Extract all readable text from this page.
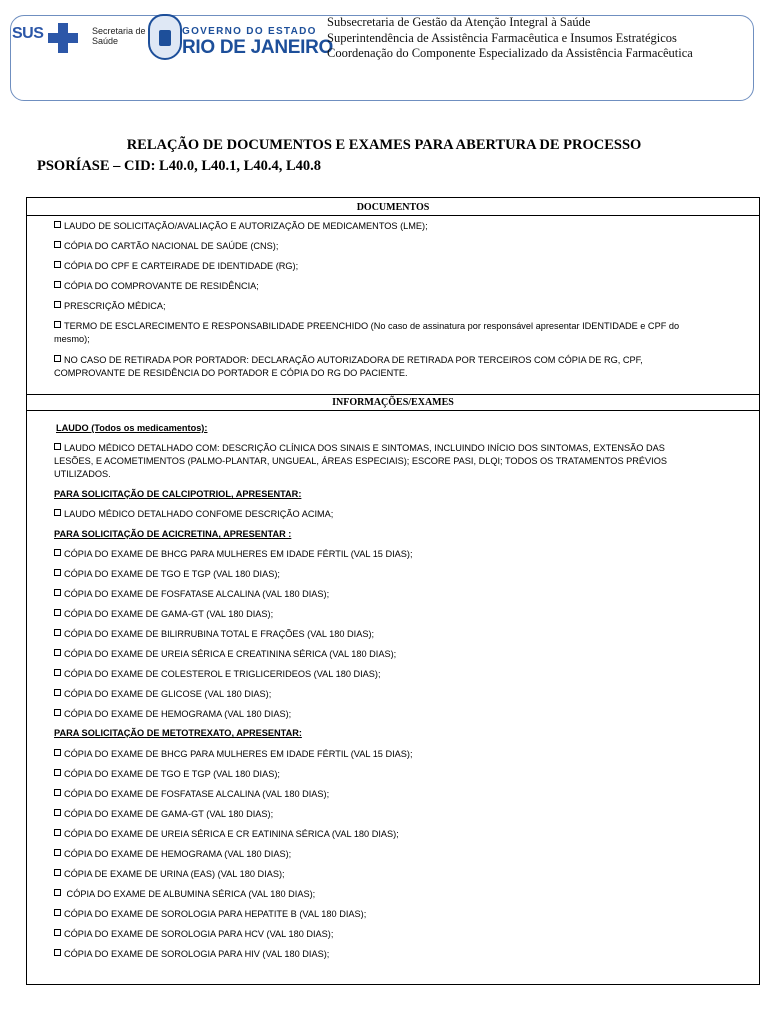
SUS	Secretaria de
Saúde
GOVERNO DO ESTADO
RIO DE JANEIRO
Subsecretaria de Gestão da Atenção Integral à Saúde
Superintendência de Assistência Farmacêutica e Insumos Estratégicos
Coordenação do Componente Especializado da Assistência Farmacêutica
RELAÇÃO DE DOCUMENTOS E EXAMES PARA ABERTURA DE PROCESSO
PSORÍASE – CID: L40.0, L40.1, L40.4, L40.8
DOCUMENTOS
LAUDO DE SOLICITAÇÃO/AVALIAÇÃO E AUTORIZAÇÃO DE MEDICAMENTOS (LME);
CÓPIA DO CARTÃO NACIONAL DE SAÚDE (CNS);
CÓPIA DO CPF E CARTEIRADE DE IDENTIDADE (RG);
CÓPIA DO COMPROVANTE DE RESIDÊNCIA;
PRESCRIÇÃO MÉDICA;
TERMO DE ESCLARECIMENTO E RESPONSABILIDADE PREENCHIDO (No caso de assinatura por responsável apresentar IDENTIDADE e CPF do mesmo);
NO CASO DE RETIRADA POR PORTADOR: DECLARAÇÃO AUTORIZADORA DE RETIRADA POR TERCEIROS COM CÓPIA DE RG, CPF, COMPROVANTE DE RESIDÊNCIA DO PORTADOR E CÓPIA DO RG DO PACIENTE.
INFORMAÇÕES/EXAMES
LAUDO (Todos os medicamentos):
LAUDO MÉDICO DETALHADO COM: DESCRIÇÃO CLÍNICA DOS SINAIS E SINTOMAS, INCLUINDO INÍCIO DOS SINTOMAS, EXTENSÃO DAS LESÕES, E ACOMETIMENTOS (PALMO-PLANTAR, UNGUEAL, ÁREAS ESPECIAIS); ESCORE PASI, DLQI; TODOS OS TRATAMENTOS PRÉVIOS UTILIZADOS.
PARA SOLICITAÇÃO DE CALCIPOTRIOL, APRESENTAR:
LAUDO MÉDICO DETALHADO CONFOME DESCRIÇÃO ACIMA;
PARA SOLICITAÇÃO DE ACICRETINA, APRESENTAR :
CÓPIA DO EXAME DE BHCG PARA MULHERES EM IDADE FÉRTIL (VAL 15 DIAS);
CÓPIA DO EXAME DE TGO E TGP (VAL 180 DIAS);
CÓPIA DO EXAME DE FOSFATASE ALCALINA (VAL 180 DIAS);
CÓPIA DO EXAME DE GAMA-GT (VAL 180 DIAS);
CÓPIA DO EXAME DE BILIRRUBINA TOTAL E FRAÇÕES (VAL 180 DIAS);
CÓPIA DO EXAME DE UREIA SÉRICA E CREATININA SÉRICA (VAL 180 DIAS);
CÓPIA DO EXAME DE COLESTEROL E TRIGLICERIDEOS (VAL 180 DIAS);
CÓPIA DO EXAME DE GLICOSE (VAL 180 DIAS);
CÓPIA DO EXAME DE HEMOGRAMA (VAL 180 DIAS);
PARA SOLICITAÇÃO DE METOTREXATO, APRESENTAR:
CÓPIA DO EXAME DE BHCG PARA MULHERES EM IDADE FÉRTIL (VAL 15 DIAS);
CÓPIA DO EXAME DE TGO E TGP (VAL 180 DIAS);
CÓPIA DO EXAME DE FOSFATASE ALCALINA (VAL 180 DIAS);
CÓPIA DO EXAME DE GAMA-GT (VAL 180 DIAS);
CÓPIA DO EXAME DE UREIA SÉRICA E CR EATININA SÉRICA (VAL 180 DIAS);
CÓPIA DO EXAME DE HEMOGRAMA (VAL 180 DIAS);
CÓPIA DE EXAME DE URINA (EAS) (VAL 180 DIAS);
CÓPIA DO EXAME DE ALBUMINA SÉRICA (VAL 180 DIAS);
CÓPIA DO EXAME DE SOROLOGIA PARA HEPATITE B (VAL 180 DIAS);
CÓPIA DO EXAME DE SOROLOGIA PARA HCV (VAL 180 DIAS);
CÓPIA DO EXAME DE SOROLOGIA PARA HIV (VAL 180 DIAS);
